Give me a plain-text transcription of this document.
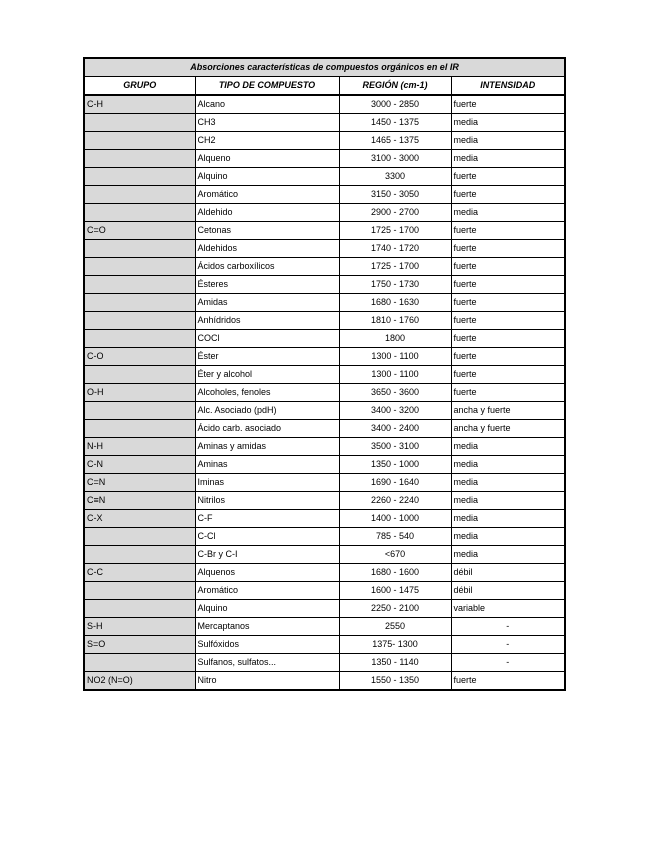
Absorciones características de compuestos orgánicos en el IR			
GRUPO	TIPO DE COMPUESTO	REGIÓN (cm-1)	INTENSIDAD
C-H	Alcano	3000 - 2850	fuerte
	CH3	1450 - 1375	media
	CH2	1465 - 1375	media
	Alqueno	3100 - 3000	media
	Alquino	3300	fuerte
	Aromático	3150 - 3050	fuerte
	Aldehido	2900 - 2700	media
C=O	Cetonas	1725 - 1700	fuerte
	Aldehidos	1740 - 1720	fuerte
	Ácidos carboxílicos	1725 - 1700	fuerte
	Ésteres	1750 - 1730	fuerte
	Amidas	1680 - 1630	fuerte
	Anhídridos	1810 - 1760	fuerte
	COCl	1800	fuerte
C-O	Éster	1300 - 1100	fuerte
	Éter y alcohol	1300 - 1100	fuerte
O-H	Alcoholes, fenoles	3650 - 3600	fuerte
	Alc. Asociado (pdH)	3400 - 3200	ancha y fuerte
	Ácido carb. asociado	3400 - 2400	ancha y fuerte
N-H	Aminas y amidas	3500 - 3100	media
C-N	Aminas	1350 - 1000	media
C=N	Iminas	1690 - 1640	media
C≡N	Nitrilos	2260 - 2240	media
C-X	C-F	1400 - 1000	media
	C-Cl	785 - 540	media
	C-Br y C-I	<670	media
C-C	Alquenos	1680 - 1600	débil
	Aromático	1600 - 1475	débil
	Alquino	2250 - 2100	variable
S-H	Mercaptanos	2550	-
S=O	Sulfóxidos	1375- 1300	-
	Sulfanos, sulfatos...	1350 - 1140	-
NO2 (N=O)	Nitro	1550 - 1350	fuerte
